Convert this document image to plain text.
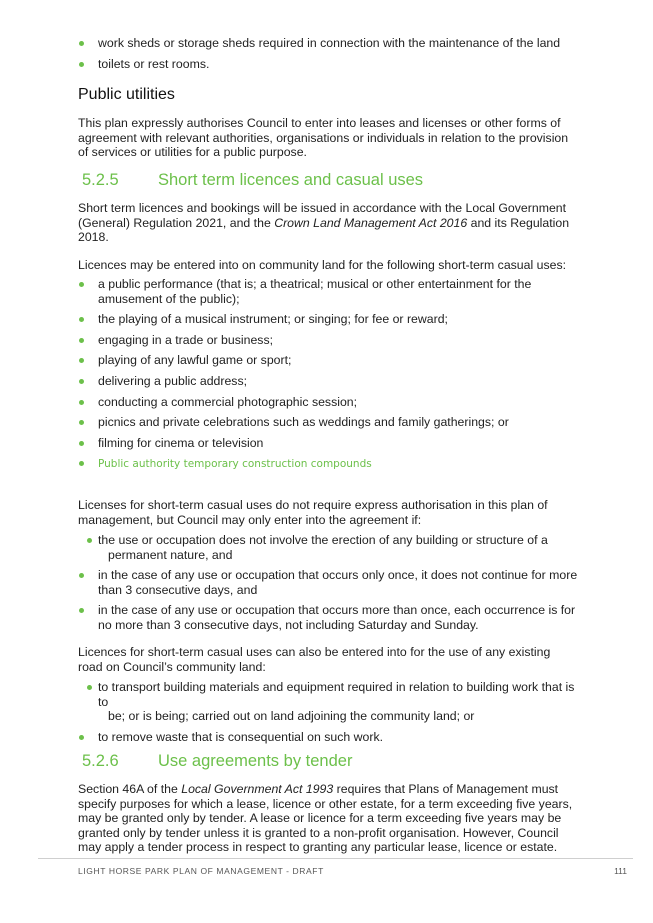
work sheds or storage sheds required in connection with the maintenance of the land
toilets or rest rooms.
Public utilities

This plan expressly authorises Council to enter into leases and licenses or other forms of agreement with relevant authorities, organisations or individuals in relation to the provision of services or utilities for a public purpose.

5.2.5 Short term licences and casual uses

Short term licences and bookings will be issued in accordance with the Local Government (General) Regulation 2021, and the Crown Land Management Act 2016 and its Regulation 2018.

Licences may be entered into on community land for the following short-term casual uses:

a public performance (that is; a theatrical; musical or other entertainment for the amusement of the public);
the playing of a musical instrument; or singing; for fee or reward;
engaging in a trade or business;
playing of any lawful game or sport;
delivering a public address;
conducting a commercial photographic session;
picnics and private celebrations such as weddings and family gatherings; or
filming for cinema or television
Public authority temporary construction compounds

Licenses for short-term casual uses do not require express authorisation in this plan of management, but Council may only enter into the agreement if:

the use or occupation does not involve the erection of any building or structure of a
permanent nature, and
in the case of any use or occupation that occurs only once, it does not continue for more than 3 consecutive days, and
in the case of any use or occupation that occurs more than once, each occurrence is for no more than 3 consecutive days, not including Saturday and Sunday.

Licences for short-term casual uses can also be entered into for the use of any existing road on Council’s community land:

to transport building materials and equipment required in relation to building work that is to
be; or is being; carried out on land adjoining the community land; or
to remove waste that is consequential on such work.
5.2.6 Use agreements by tender

Section 46A of the Local Government Act 1993 requires that Plans of Management must specify purposes for which a lease, licence or other estate, for a term exceeding five years, may be granted only by tender. A lease or licence for a term exceeding five years may be granted only by tender unless it is granted to a non-profit organisation. However, Council may apply a tender process in respect to granting any particular lease, licence or estate.

LIGHT HORSE PARK PLAN OF MANAGEMENT - DRAFT	111
